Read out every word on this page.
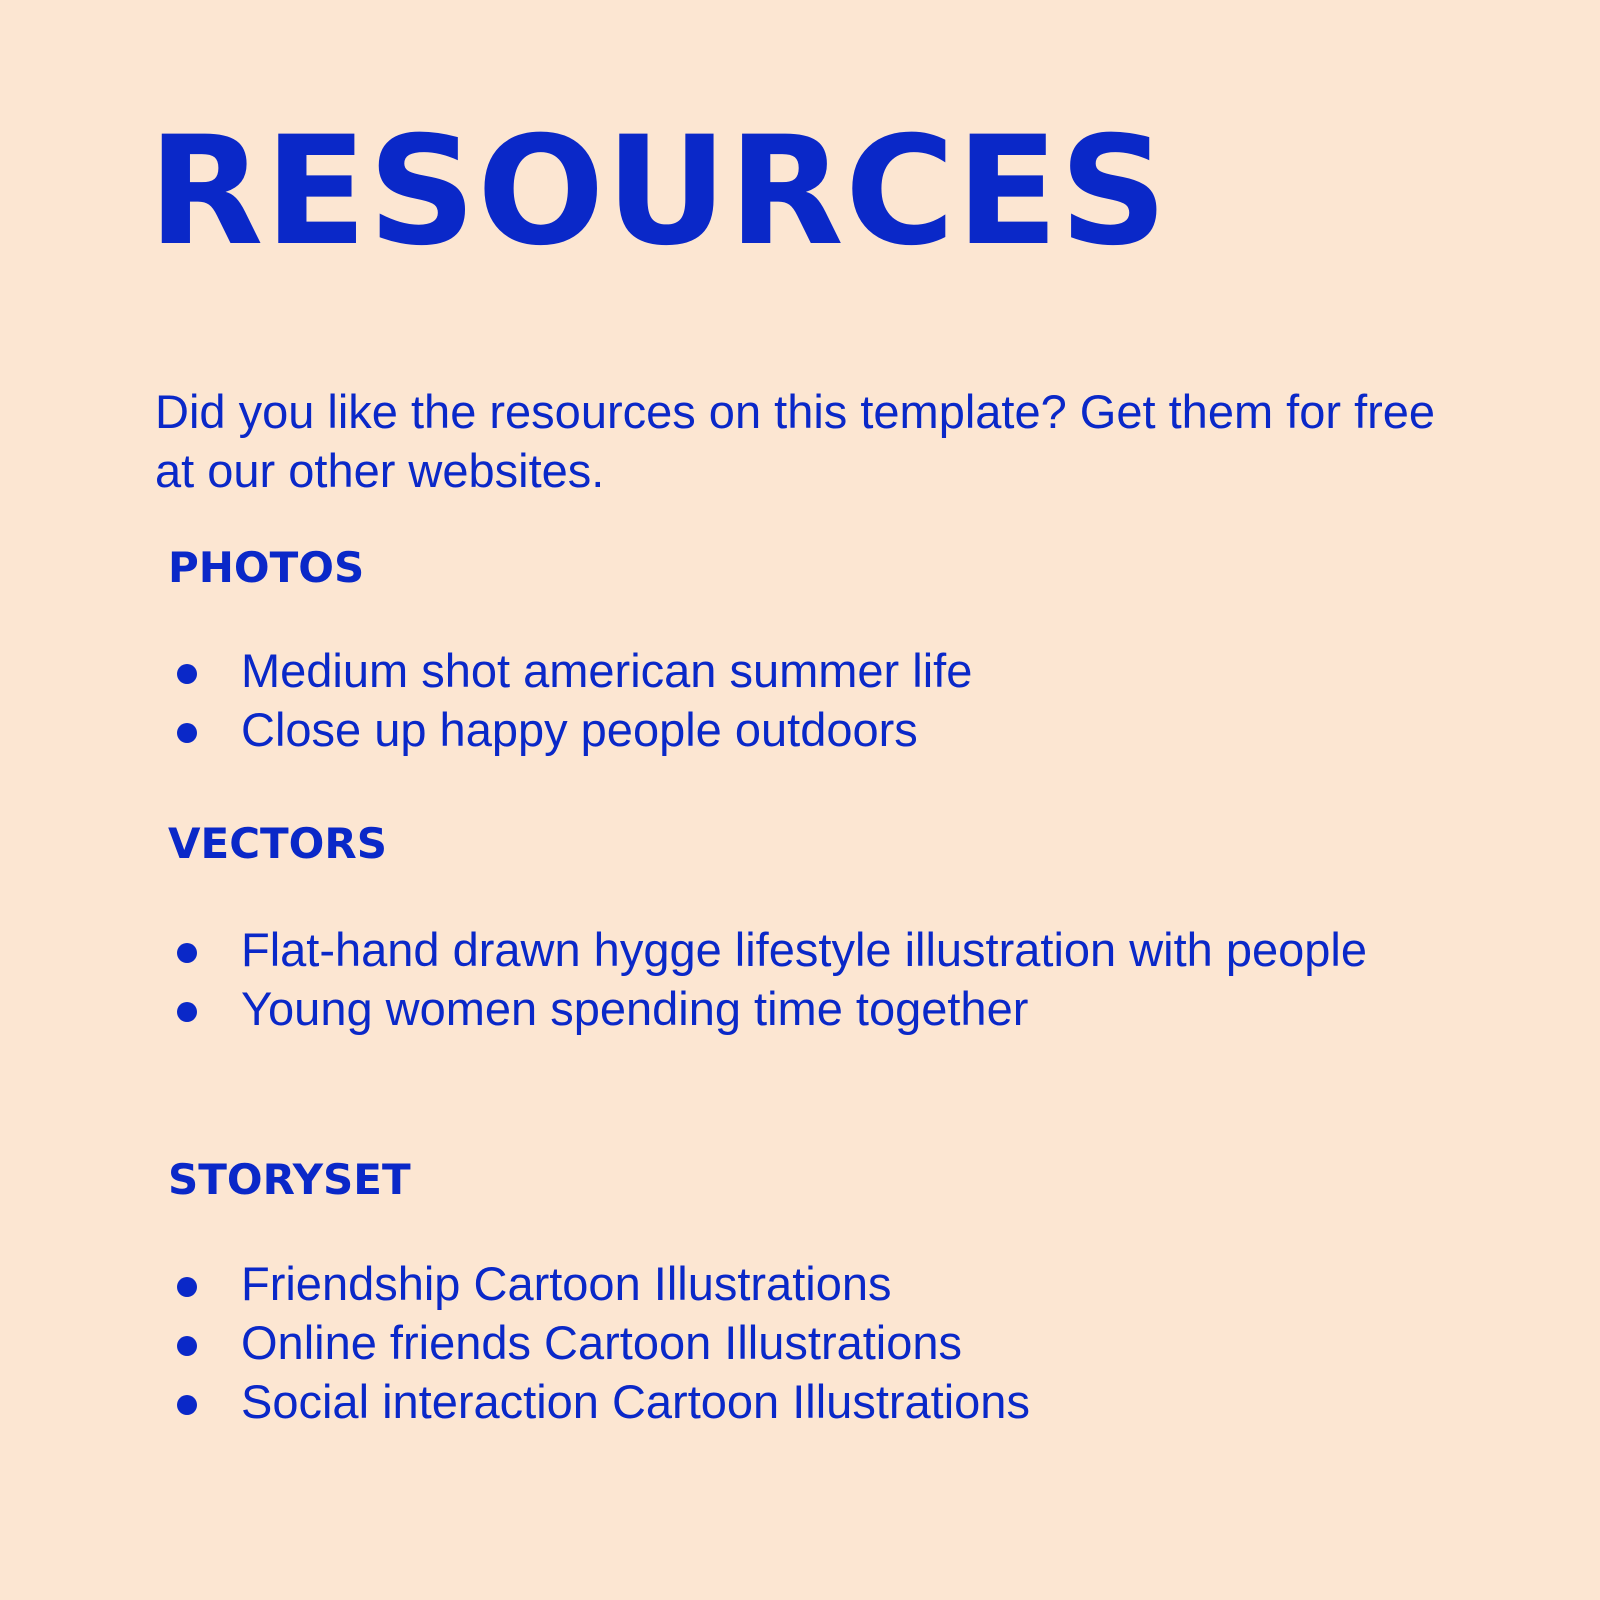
RESOURCES

Did you like the resources on this template? Get them for free at our other websites.

PHOTOS
Medium shot american summer life
Close up happy people outdoors
VECTORS
Flat-hand drawn hygge lifestyle illustration with people
Young women spending time together
STORYSET
Friendship Cartoon Illustrations
Online friends Cartoon Illustrations
Social interaction Cartoon Illustrations
